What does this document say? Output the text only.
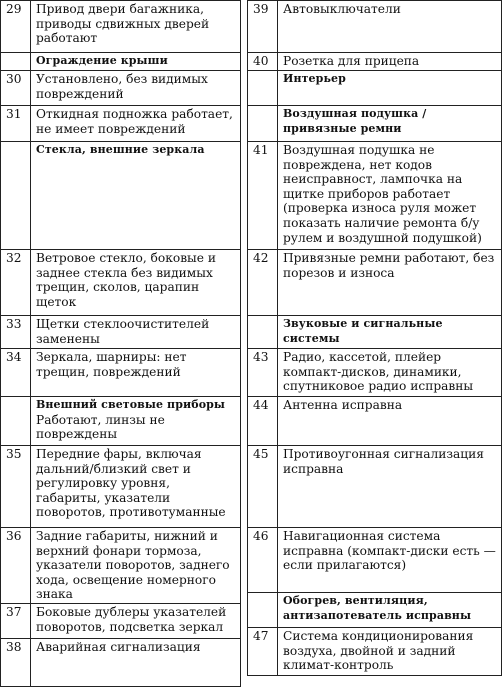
29	Привод двери багажника, приводы сдвижных дверей работают

	Ограждение крыши

30	Установлено, без видимых повреждений
31	Откидная подножка работает, не имеет повреждений

	Стекла, внешние зеркала

32	Ветровое стекло, боковые и заднее стекла без видимых трещин, сколов, царапин щеток
33	Щетки стеклоочистителей заменены
34	Зеркала, шарниры: нет трещин, повреждений

	Внешний световые приборы
Работают, линзы не повреждены
35	Передние фары, включая дальний/близкий свет и регулировку уровня, габариты, указатели поворотов, противотуманные
36	Задние габариты, нижний и верхний фонари тормоза, указатели поворотов, заднего хода, освещение номерного знака
37	Боковые дублеры указателей поворотов, подсветка зеркал
38	Аварийная сигнализация
39	Автовыключатели
40	Розетка для прицепа

	Интерьер

	Воздушная подушка / привязные ремни

41	Воздушная подушка не повреждена, нет кодов неисправност, лампочка на щитке приборов работает (проверка износа руля может показать наличие ремонта б/у рулем и воздушной подушкой)
42	Привязные ремни работают, без порезов и износа

	Звуковые и сигнальные системы

43	Радио, кассетой, плейер компакт-дисков, динамики, спутниковое радио исправны
44	Антенна исправна
45	Противоугонная сигнализация исправна
46	Навигационная система исправна (компакт-диски есть — если прилагаются)

	Обогрев, вентиляция, антизапотеватель исправны

47	Система кондиционирования воздуха, двойной и задний климат-контроль
